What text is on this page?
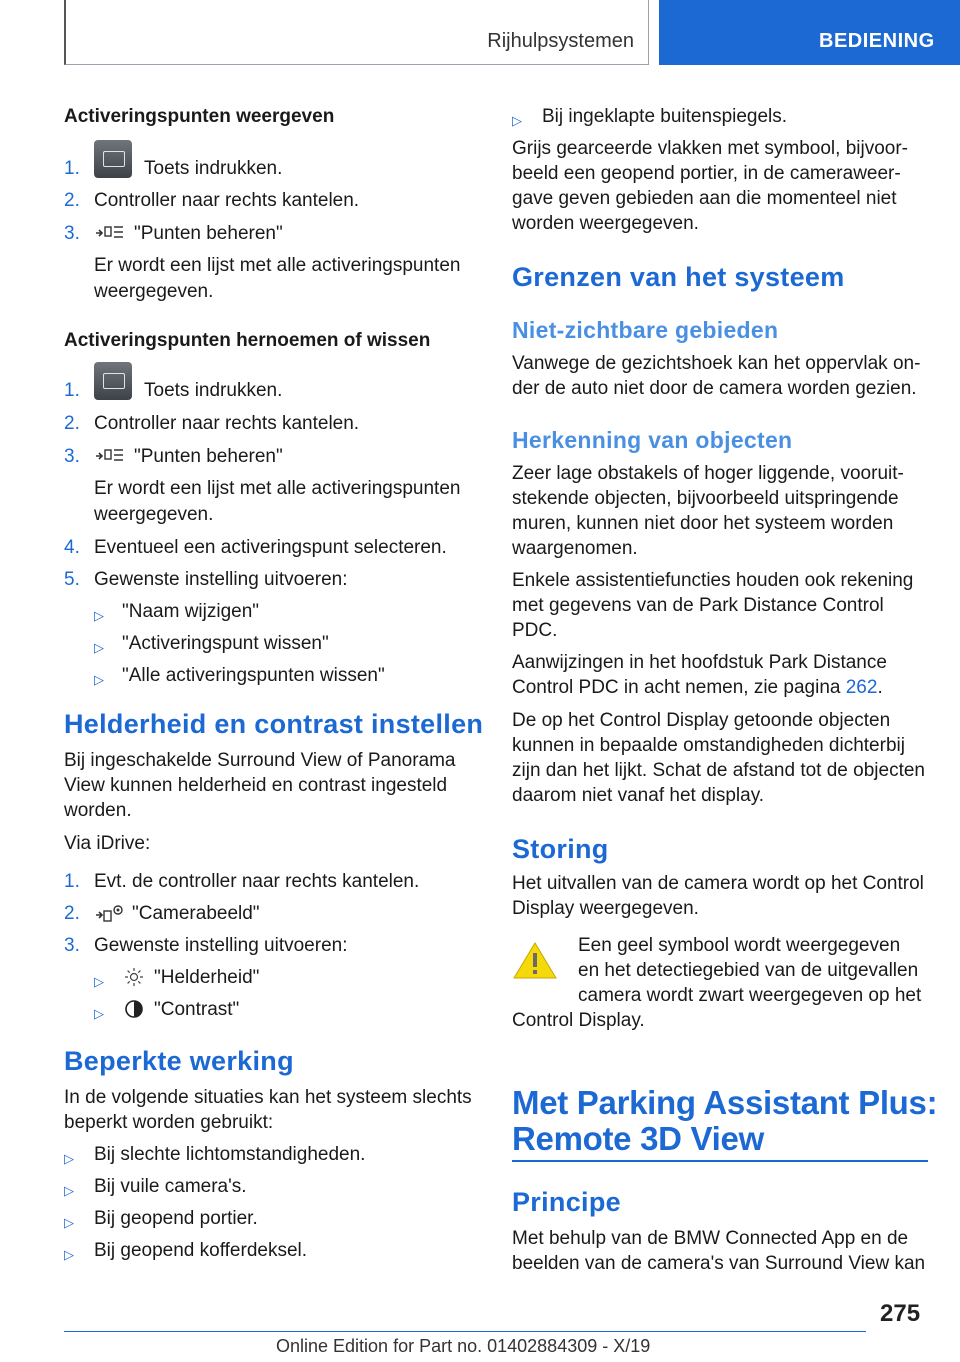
Rijhulpsystemen	BEDIENING
Activeringspunten weergeven
1.	Toets indrukken.
2. Controller naar rechts kantelen.
3.	"Punten beheren"
Er wordt een lijst met alle activeringspunten
weergegeven.
Activeringspunten hernoemen of wissen
1.	Toets indrukken.
2. Controller naar rechts kantelen.
3.	"Punten beheren"
Er wordt een lijst met alle activeringspunten
weergegeven.
4. Eventueel een activeringspunt selecteren.
5. Gewenste instelling uitvoeren:
▷ "Naam wijzigen"
▷ "Activeringspunt wissen"
▷ "Alle activeringspunten wissen"
Helderheid en contrast instellen
Bij ingeschakelde Surround View of Panorama
View kunnen helderheid en contrast ingesteld
worden.
Via iDrive:
1. Evt. de controller naar rechts kantelen.
2.	"Camerabeeld"
3. Gewenste instelling uitvoeren:
▷	"Helderheid"
▷	"Contrast"
Beperkte werking
In de volgende situaties kan het systeem slechts
beperkt worden gebruikt:
▷ Bij slechte lichtomstandigheden.
▷ Bij vuile camera's.
▷ Bij geopend portier.
▷ Bij geopend kofferdeksel.
▷ Bij ingeklapte buitenspiegels.
Grijs gearceerde vlakken met symbool, bijvoor-
beeld een geopend portier, in de cameraweer-
gave geven gebieden aan die momenteel niet
worden weergegeven.
Grenzen van het systeem
Niet-zichtbare gebieden
Vanwege de gezichtshoek kan het oppervlak on-
der de auto niet door de camera worden gezien.
Herkenning van objecten
Zeer lage obstakels of hoger liggende, vooruit-
stekende objecten, bijvoorbeeld uitspringende
muren, kunnen niet door het systeem worden
waargenomen.
Enkele assistentiefuncties houden ook rekening
met gegevens van de Park Distance Control
PDC.
Aanwijzingen in het hoofdstuk Park Distance
Control PDC in acht nemen, zie pagina 262.
De op het Control Display getoonde objecten
kunnen in bepaalde omstandigheden dichterbij
zijn dan het lijkt. Schat de afstand tot de objecten
daarom niet vanaf het display.
Storing
Het uitvallen van de camera wordt op het Control
Display weergegeven.
Een geel symbool wordt weergegeven
en het detectiegebied van de uitgevallen
camera wordt zwart weergegeven op het
Control Display.
Met Parking Assistant Plus:
Remote 3D View
Principe
Met behulp van de BMW Connected App en de
beelden van de camera's van Surround View kan
275
Online Edition for Part no. 01402884309 - X/19
